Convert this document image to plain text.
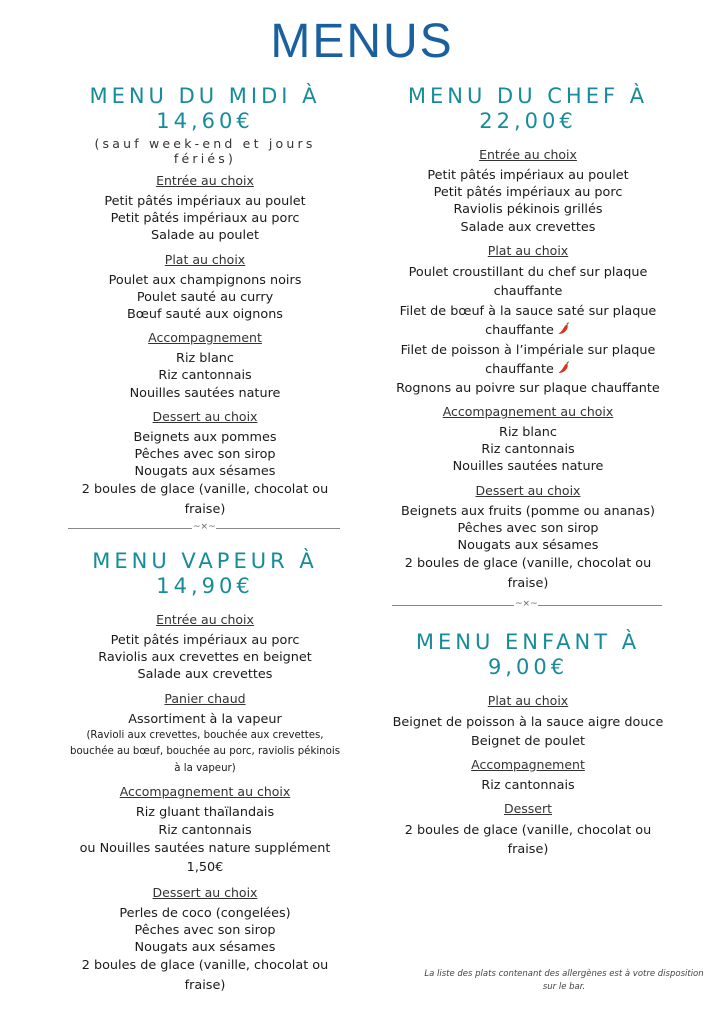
MENUS
MENU DU MIDI À 14,60€
(sauf week-end et jours fériés)
Entrée au choix
Petit pâtés impériaux au poulet
Petit pâtés impériaux au porc
Salade au poulet
Plat au choix
Poulet aux champignons noirs
Poulet sauté au curry
Bœuf sauté aux oignons
Accompagnement
Riz blanc
Riz cantonnais
Nouilles sautées nature
Dessert au choix
Beignets aux pommes
Pêches avec son sirop
Nougats aux sésames
2 boules de glace (vanille, chocolat ou fraise)
~×~
MENU VAPEUR À 14,90€
Entrée au choix
Petit pâtés impériaux au porc
Raviolis aux crevettes en beignet
Salade aux crevettes
Panier chaud
Assortiment à la vapeur
(Ravioli aux crevettes, bouchée aux crevettes, bouchée au bœuf, bouchée au porc, raviolis pékinois à la vapeur)
Accompagnement au choix
Riz gluant thaïlandais
Riz cantonnais
ou Nouilles sautées nature supplément 1,50€
Dessert au choix
Perles de coco (congelées)
Pêches avec son sirop
Nougats aux sésames
2 boules de glace (vanille, chocolat ou fraise)
MENU DU CHEF À 22,00€
Entrée au choix
Petit pâtés impériaux au poulet
Petit pâtés impériaux au porc
Raviolis pékinois grillés
Salade aux crevettes
Plat au choix
Poulet croustillant du chef sur plaque chauffante
Filet de bœuf à la sauce saté sur plaque chauffante
Filet de poisson à l’impériale sur plaque chauffante
Rognons au poivre sur plaque chauffante
Accompagnement au choix
Riz blanc
Riz cantonnais
Nouilles sautées nature
Dessert au choix
Beignets aux fruits (pomme ou ananas)
Pêches avec son sirop
Nougats aux sésames
2 boules de glace (vanille, chocolat ou fraise)
~×~
MENU ENFANT À 9,00€
Plat au choix
Beignet de poisson à la sauce aigre douce
Beignet de poulet
Accompagnement
Riz cantonnais
Dessert
2 boules de glace (vanille, chocolat ou fraise)
La liste des plats contenant des allergènes est à votre disposition sur le bar.
